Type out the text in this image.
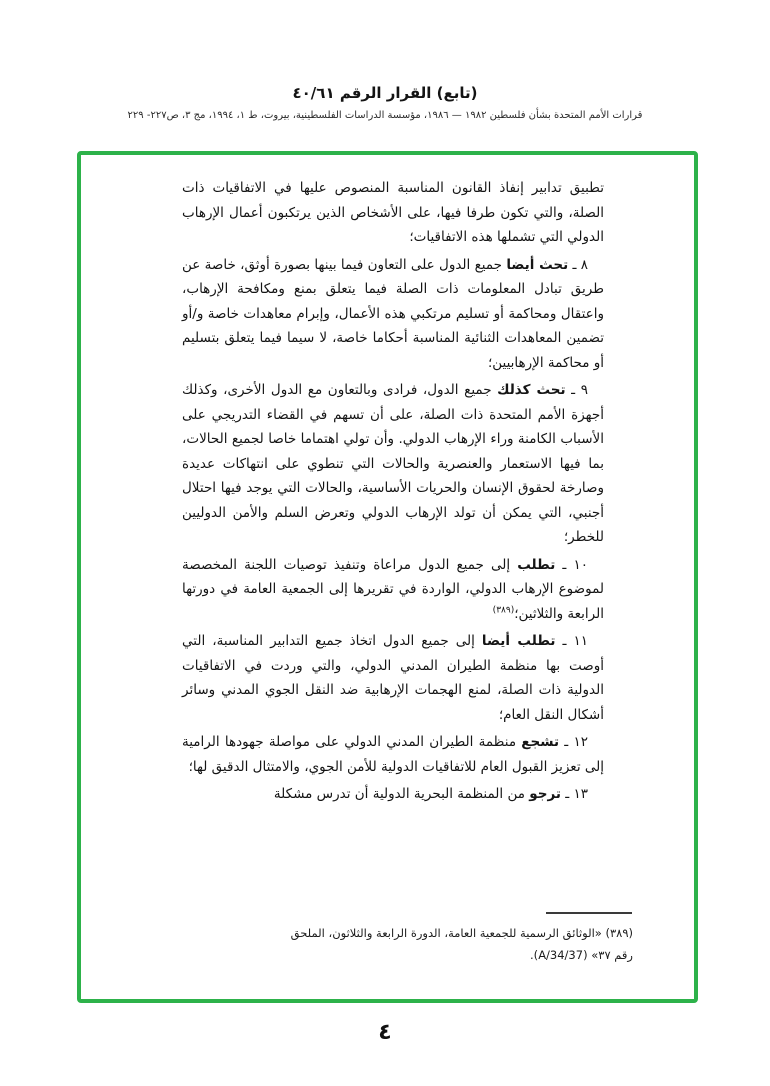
(تابع) القرار الرقم ٤٠/٦١
قرارات الأمم المتحدة بشأن فلسطين ١٩٨٢ — ١٩٨٦، مؤسسة الدراسات الفلسطينية، بيروت، ط ١، ١٩٩٤، مج ٣، ص٢٢٧- ٢٢٩

تطبيق تدابير إنفاذ القانون المناسبة المنصوص عليها في الاتفاقيات ذات الصلة، والتي تكون طرفا فيها، على الأشخاص الذين يرتكبون أعمال الإرهاب الدولي التي تشملها هذه الاتفاقيات؛

٨ ـ تحث أيضا جميع الدول على التعاون فيما بينها بصورة أوثق، خاصة عن طريق تبادل المعلومات ذات الصلة فيما يتعلق بمنع ومكافحة الإرهاب، واعتقال ومحاكمة أو تسليم مرتكبي هذه الأعمال، وإبرام معاهدات خاصة و/أو تضمين المعاهدات الثنائية المناسبة أحكاما خاصة، لا سيما فيما يتعلق بتسليم أو محاكمة الإرهابيين؛

٩ ـ تحث كذلك جميع الدول، فرادى وبالتعاون مع الدول الأخرى، وكذلك أجهزة الأمم المتحدة ذات الصلة، على أن تسهم في القضاء التدريجي على الأسباب الكامنة وراء الإرهاب الدولي. وأن تولي اهتماما خاصا لجميع الحالات، بما فيها الاستعمار والعنصرية والحالات التي تنطوي على انتهاكات عديدة وصارخة لحقوق الإنسان والحريات الأساسية، والحالات التي يوجد فيها احتلال أجنبي، التي يمكن أن تولد الإرهاب الدولي وتعرض السلم والأمن الدوليين للخطر؛

١٠ ـ تطلب إلى جميع الدول مراعاة وتنفيذ توصيات اللجنة المخصصة لموضوع الإرهاب الدولي، الواردة في تقريرها إلى الجمعية العامة في دورتها الرابعة والثلاثين؛$^{(٣٨٩)}$

١١ ـ تطلب أيضا إلى جميع الدول اتخاذ جميع التدابير المناسبة، التي أوصت بها منظمة الطيران المدني الدولي، والتي وردت في الاتفاقيات الدولية ذات الصلة، لمنع الهجمات الإرهابية ضد النقل الجوي المدني وسائر أشكال النقل العام؛

١٢ ـ تشجع منظمة الطيران المدني الدولي على مواصلة جهودها الرامية إلى تعزيز القبول العام للاتفاقيات الدولية للأمن الجوي، والامتثال الدقيق لها؛

١٣ ـ ترجو من المنظمة البحرية الدولية أن تدرس مشكلة

(٣٨٩) «الوثائق الرسمية للجمعية العامة، الدورة الرابعة والثلاثون، الملحق
رقم ٣٧» (A/34/37).
٤
